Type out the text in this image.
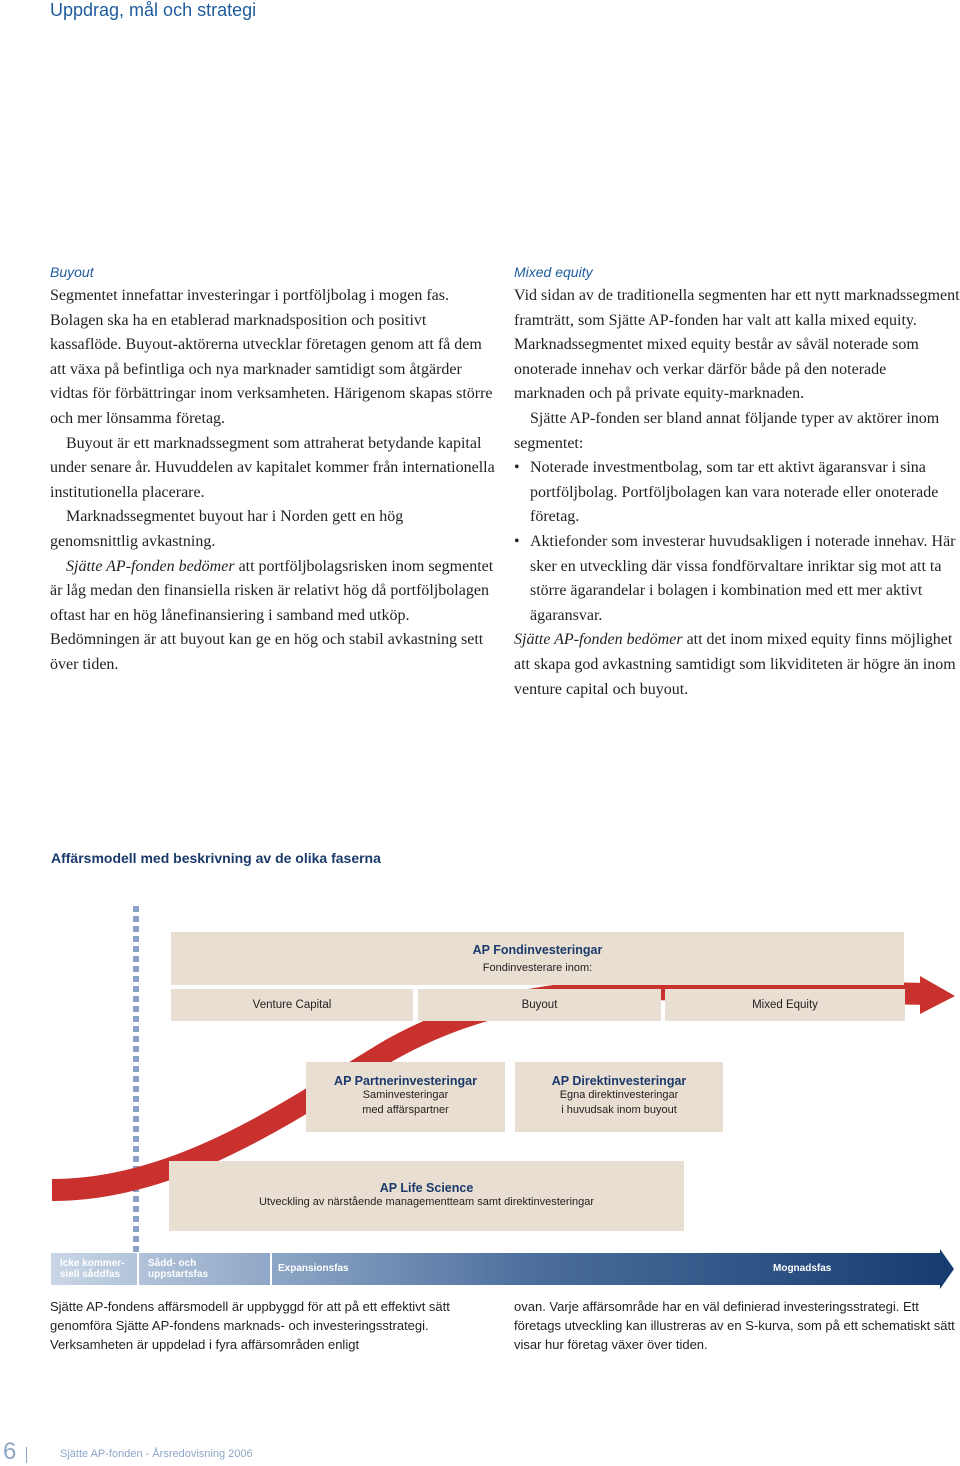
Uppdrag, mål och strategi
Buyout

Segmentet innefattar investeringar i portföljbolag i mogen fas. Bolagen ska ha en etablerad marknadsposition och positivt kassaflöde. Buyout-aktörerna utvecklar företagen genom att få dem att växa på befintliga och nya marknader samtidigt som åtgärder vidtas för förbättringar inom verksamheten. Härigenom skapas större och mer lönsamma företag.

Buyout är ett marknadssegment som attraherat betydande kapital under senare år. Huvuddelen av kapitalet kommer från internationella institutionella placerare.

Marknadssegmentet buyout har i Norden gett en hög genomsnittlig avkastning.

Sjätte AP-fonden bedömer att portföljbolagsrisken inom segmentet är låg medan den finansiella risken är relativt hög då portföljbolagen oftast har en hög lånefinansiering i samband med utköp. Bedömningen är att buyout kan ge en hög och stabil avkastning sett över tiden.

Mixed equity

Vid sidan av de traditionella segmenten har ett nytt marknadssegment framträtt, som Sjätte AP-fonden har valt att kalla mixed equity. Marknadssegmentet mixed equity består av såväl noterade som onoterade innehav och verkar därför både på den noterade marknaden och på private equity-marknaden.

Sjätte AP-fonden ser bland annat följande typer av aktörer inom segmentet:

• Noterade investmentbolag, som tar ett aktivt ägaransvar i sina portföljbolag. Portföljbolagen kan vara noterade eller onoterade företag.
• Aktiefonder som investerar huvudsakligen i noterade innehav. Här sker en utveckling där vissa fondförvaltare inriktar sig mot att ta större ägarandelar i bolagen i kombination med ett mer aktivt ägaransvar.

Sjätte AP-fonden bedömer att det inom mixed equity finns möjlighet att skapa god avkastning samtidigt som likviditeten är högre än inom venture capital och buyout.

Affärsmodell med beskrivning av de olika faserna
AP Fondinvesteringar
Fondinvesterare inom:
Venture Capital	Buyout	Mixed Equity
AP Partnerinvesteringar
Saminvesteringar
med affärspartner
AP Direktinvesteringar
Egna direktinvesteringar
i huvudsak inom buyout
AP Life Science
Utveckling av närstående managementteam samt direktinvesteringar
Icke kommer-
siell såddfas
Sådd- och
uppstartsfas
Expansionsfas	Mognadsfas

Sjätte AP-fondens affärsmodell är uppbyggd för att på ett effektivt sätt genomföra Sjätte AP-fondens marknads- och investeringsstrategi. Verksamheten är uppdelad i fyra affärsområden enligt

ovan. Varje affärsområde har en väl definierad investeringsstrategi. Ett företags utveckling kan illustreras av en S-kurva, som på ett schematiskt sätt visar hur företag växer över tiden.

6	Sjätte AP-fonden - Årsredovisning 2006
